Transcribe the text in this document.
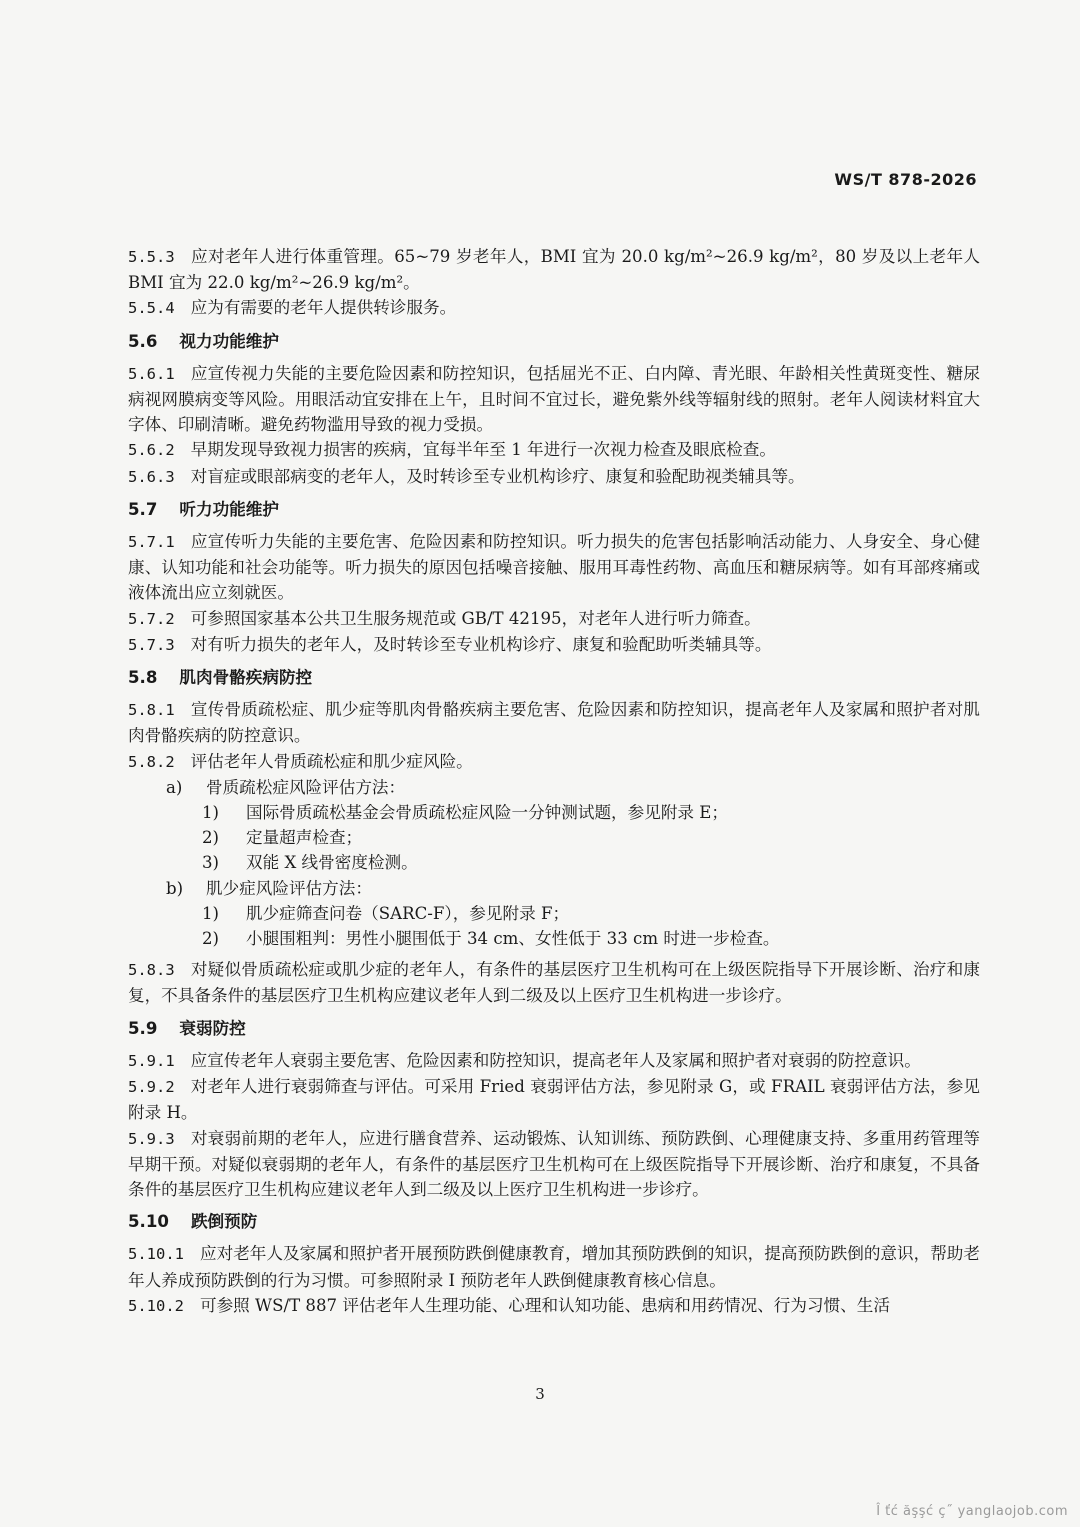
WS/T 878-2026

5.5.3 应对老年人进行体重管理。65~79 岁老年人，BMI 宜为 20.0 kg/m²~26.9 kg/m²，80 岁及以上老年人 BMI 宜为 22.0 kg/m²~26.9 kg/m²。

5.5.4 应为有需要的老年人提供转诊服务。

5.6 视力功能维护

5.6.1 应宣传视力失能的主要危险因素和防控知识，包括屈光不正、白内障、青光眼、年龄相关性黄斑变性、糖尿病视网膜病变等风险。用眼活动宜安排在上午，且时间不宜过长，避免紫外线等辐射线的照射。老年人阅读材料宜大字体、印刷清晰。避免药物滥用导致的视力受损。

5.6.2 早期发现导致视力损害的疾病，宜每半年至 1 年进行一次视力检查及眼底检查。

5.6.3 对盲症或眼部病变的老年人，及时转诊至专业机构诊疗、康复和验配助视类辅具等。

5.7 听力功能维护

5.7.1 应宣传听力失能的主要危害、危险因素和防控知识。听力损失的危害包括影响活动能力、人身安全、身心健康、认知功能和社会功能等。听力损失的原因包括噪音接触、服用耳毒性药物、高血压和糖尿病等。如有耳部疼痛或液体流出应立刻就医。

5.7.2 可参照国家基本公共卫生服务规范或 GB/T 42195，对老年人进行听力筛查。

5.7.3 对有听力损失的老年人，及时转诊至专业机构诊疗、康复和验配助听类辅具等。

5.8 肌肉骨骼疾病防控

5.8.1 宣传骨质疏松症、肌少症等肌肉骨骼疾病主要危害、危险因素和防控知识，提高老年人及家属和照护者对肌肉骨骼疾病的防控意识。

5.8.2 评估老年人骨质疏松症和肌少症风险。

a) 骨质疏松症风险评估方法：
1) 国际骨质疏松基金会骨质疏松症风险一分钟测试题，参见附录 E；
2) 定量超声检查；
3) 双能 X 线骨密度检测。
b) 肌少症风险评估方法：
1) 肌少症筛查问卷（SARC-F），参见附录 F；
2) 小腿围粗判：男性小腿围低于 34 cm、女性低于 33 cm 时进一步检查。

5.8.3 对疑似骨质疏松症或肌少症的老年人，有条件的基层医疗卫生机构可在上级医院指导下开展诊断、治疗和康复，不具备条件的基层医疗卫生机构应建议老年人到二级及以上医疗卫生机构进一步诊疗。

5.9 衰弱防控

5.9.1 应宣传老年人衰弱主要危害、危险因素和防控知识，提高老年人及家属和照护者对衰弱的防控意识。

5.9.2 对老年人进行衰弱筛查与评估。可采用 Fried 衰弱评估方法，参见附录 G，或 FRAIL 衰弱评估方法，参见附录 H。

5.9.3 对衰弱前期的老年人，应进行膳食营养、运动锻炼、认知训练、预防跌倒、心理健康支持、多重用药管理等早期干预。对疑似衰弱期的老年人，有条件的基层医疗卫生机构可在上级医院指导下开展诊断、治疗和康复，不具备条件的基层医疗卫生机构应建议老年人到二级及以上医疗卫生机构进一步诊疗。

5.10 跌倒预防

5.10.1 应对老年人及家属和照护者开展预防跌倒健康教育，增加其预防跌倒的知识，提高预防跌倒的意识，帮助老年人养成预防跌倒的行为习惯。可参照附录 I 预防老年人跌倒健康教育核心信息。

5.10.2 可参照 WS/T 887 评估老年人生理功能、心理和认知功能、患病和用药情况、行为习惯、生活

3
Î ťć ăşşć ç˝ yanglaojob.com
